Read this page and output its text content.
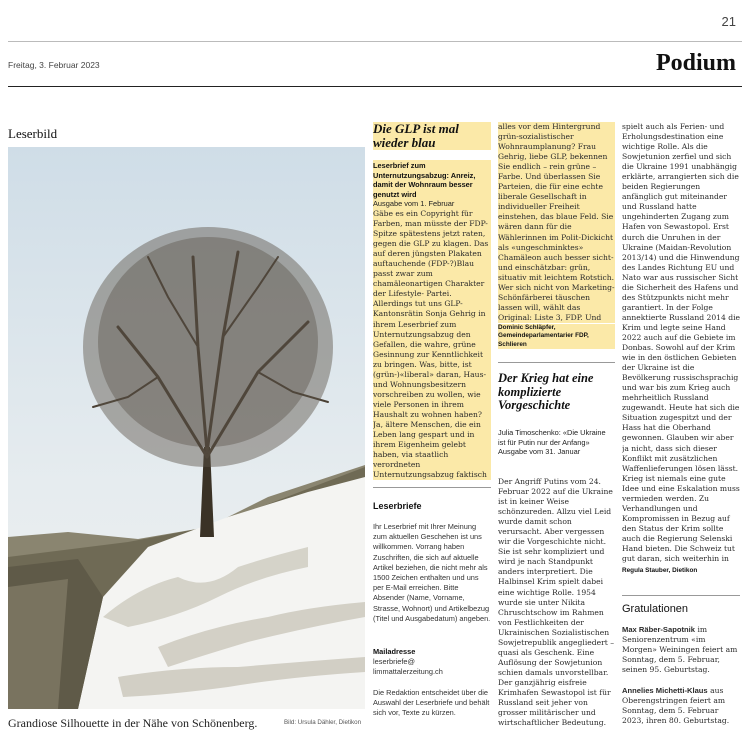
21
Freitag, 3. Februar 2023	Podium
Leserbild
Grandiose Silhouette in der Nähe von Schönenberg.	Bild: Ursula Dähler, Dietikon
Die GLP ist mal
wieder blau
Leserbrief zum Unternutzungsabzug: Anreiz, damit der Wohnraum besser genutzt wird
Ausgabe vom 1. Februar
Gäbe es ein Copyright für Farben, man müsste der FDP-Spitze spätestens jetzt raten, gegen die GLP zu klagen. Das auf deren jüngsten Plakaten auftauchende (FDP-?)Blau passt zwar zum chamäleonartigen Charakter der Lifestyle- Partei. Allerdings tut uns GLP-Kantonsrätin Sonja Gehrig in ihrem Leserbrief zum Unternutzungsabzug den Gefallen, die wahre, grüne Gesinnung zur Kenntlichkeit zu bringen. Was, bitte, ist (grün-)«liberal» daran, Haus- und Wohnungsbesitzern vorschreiben zu wollen, wie viele Personen in ihrem Haushalt zu wohnen haben? Ja, ältere Menschen, die ein Leben lang gespart und in ihrem Eigenheim gelebt haben, via staatlich verordneten Unternutzungsabzug faktisch
Leserbriefe
Ihr Leserbrief mit Ihrer Meinung zum aktuellen Geschehen ist uns willkommen. Vorrang haben Zuschriften, die sich auf aktuelle Artikel beziehen, die nicht mehr als 1500 Zeichen enthalten und uns per E-Mail erreichen. Bitte Absender (Name, Vorname, Strasse, Wohnort) und Artikelbezug (Titel und Ausgabedatum) angeben.
Mailadresse
leserbriefe@
limmattalerzeitung.ch
Die Redaktion entscheidet über die Auswahl der Leserbriefe und behält sich vor, Texte zu kürzen.
alles vor dem Hintergrund grün-sozialistischer Wohnraumplanung? Frau Gehrig, liebe GLP, bekennen Sie endlich – rein grüne – Farbe. Und überlassen Sie Parteien, die für eine echte liberale Gesellschaft in individueller Freiheit einstehen, das blaue Feld. Sie wären dann für die Wählerinnen im Polit-Dickicht als «ungeschminktes» Chamäleon auch besser sicht- und einschätzbar: grün, situativ mit leichtem Rotstich. Wer sich nicht von Marketing-Schönfärberei täuschen lassen will, wählt das Original: Liste 3, FDP. Und
Dominic Schläpfer, Gemeindeparlamentarier FDP, Schlieren
Der Krieg hat eine
komplizierte
Vorgeschichte
Julia Timoschenko: «Die Ukraine ist für Putin nur der Anfang»
Ausgabe vom 31. Januar
Der Angriff Putins vom 24. Februar 2022 auf die Ukraine ist in keiner Weise schönzureden. Allzu viel Leid wurde damit schon verursacht. Aber vergessen wir die Vorgeschichte nicht. Sie ist sehr kompliziert und wird je nach Standpunkt anders interpretiert. Die Halbinsel Krim spielt dabei eine wichtige Rolle. 1954 wurde sie unter Nikita Chruschtschow im Rahmen von Festlichkeiten der Ukrainischen Sozialistischen Sowjetrepublik angegliedert – quasi als Geschenk. Eine Auflösung der Sowjetunion schien damals unvorstellbar. Der ganzjährig eisfreie Krimhafen Sewastopol ist für Russland seit jeher von grosser militärischer und wirtschaftlicher Bedeutung.
spielt auch als Ferien- und Erholungsdestination eine wichtige Rolle. Als die Sowjetunion zerfiel und sich die Ukraine 1991 unabhängig erklärte, arrangierten sich die beiden Regierungen anfänglich gut miteinander und Russland hatte ungehinderten Zugang zum Hafen von Sewastopol. Erst durch die Unruhen in der Ukraine (Maidan-Revolution 2013/14) und die Hinwendung des Landes Richtung EU und Nato war aus russischer Sicht die Sicherheit des Hafens und des Stützpunkts nicht mehr garantiert. In der Folge annektierte Russland 2014 die Krim und legte seine Hand 2022 auch auf die Gebiete im Donbas. Sowohl auf der Krim wie in den östlichen Gebieten der Ukraine ist die Bevölkerung russischsprachig und war bis zum Krieg auch mehrheitlich Russland zugewandt. Heute hat sich die Situation zugespitzt und der Hass hat die Oberhand gewonnen. Glauben wir aber ja nicht, dass sich dieser Konflikt mit zusätzlichen Waffenlieferungen lösen lässt. Krieg ist niemals eine gute Idee und eine Eskalation muss vermieden werden. Zu Verhandlungen und Kompromissen in Bezug auf den Status der Krim sollte auch die Regierung Selenski Hand bieten. Die Schweiz tut gut daran, sich weiterhin in
Regula Stauber, Dietikon
Gratulationen
Max Räber-Sapotnik im Seniorenzentrum «im Morgen» Weiningen feiert am Sonntag, dem 5. Februar, seinen 95. Geburtstag.
Annelies Michetti-Klaus aus Oberengstringen feiert am Sonntag, dem 5. Februar 2023, ihren 80. Geburtstag.
